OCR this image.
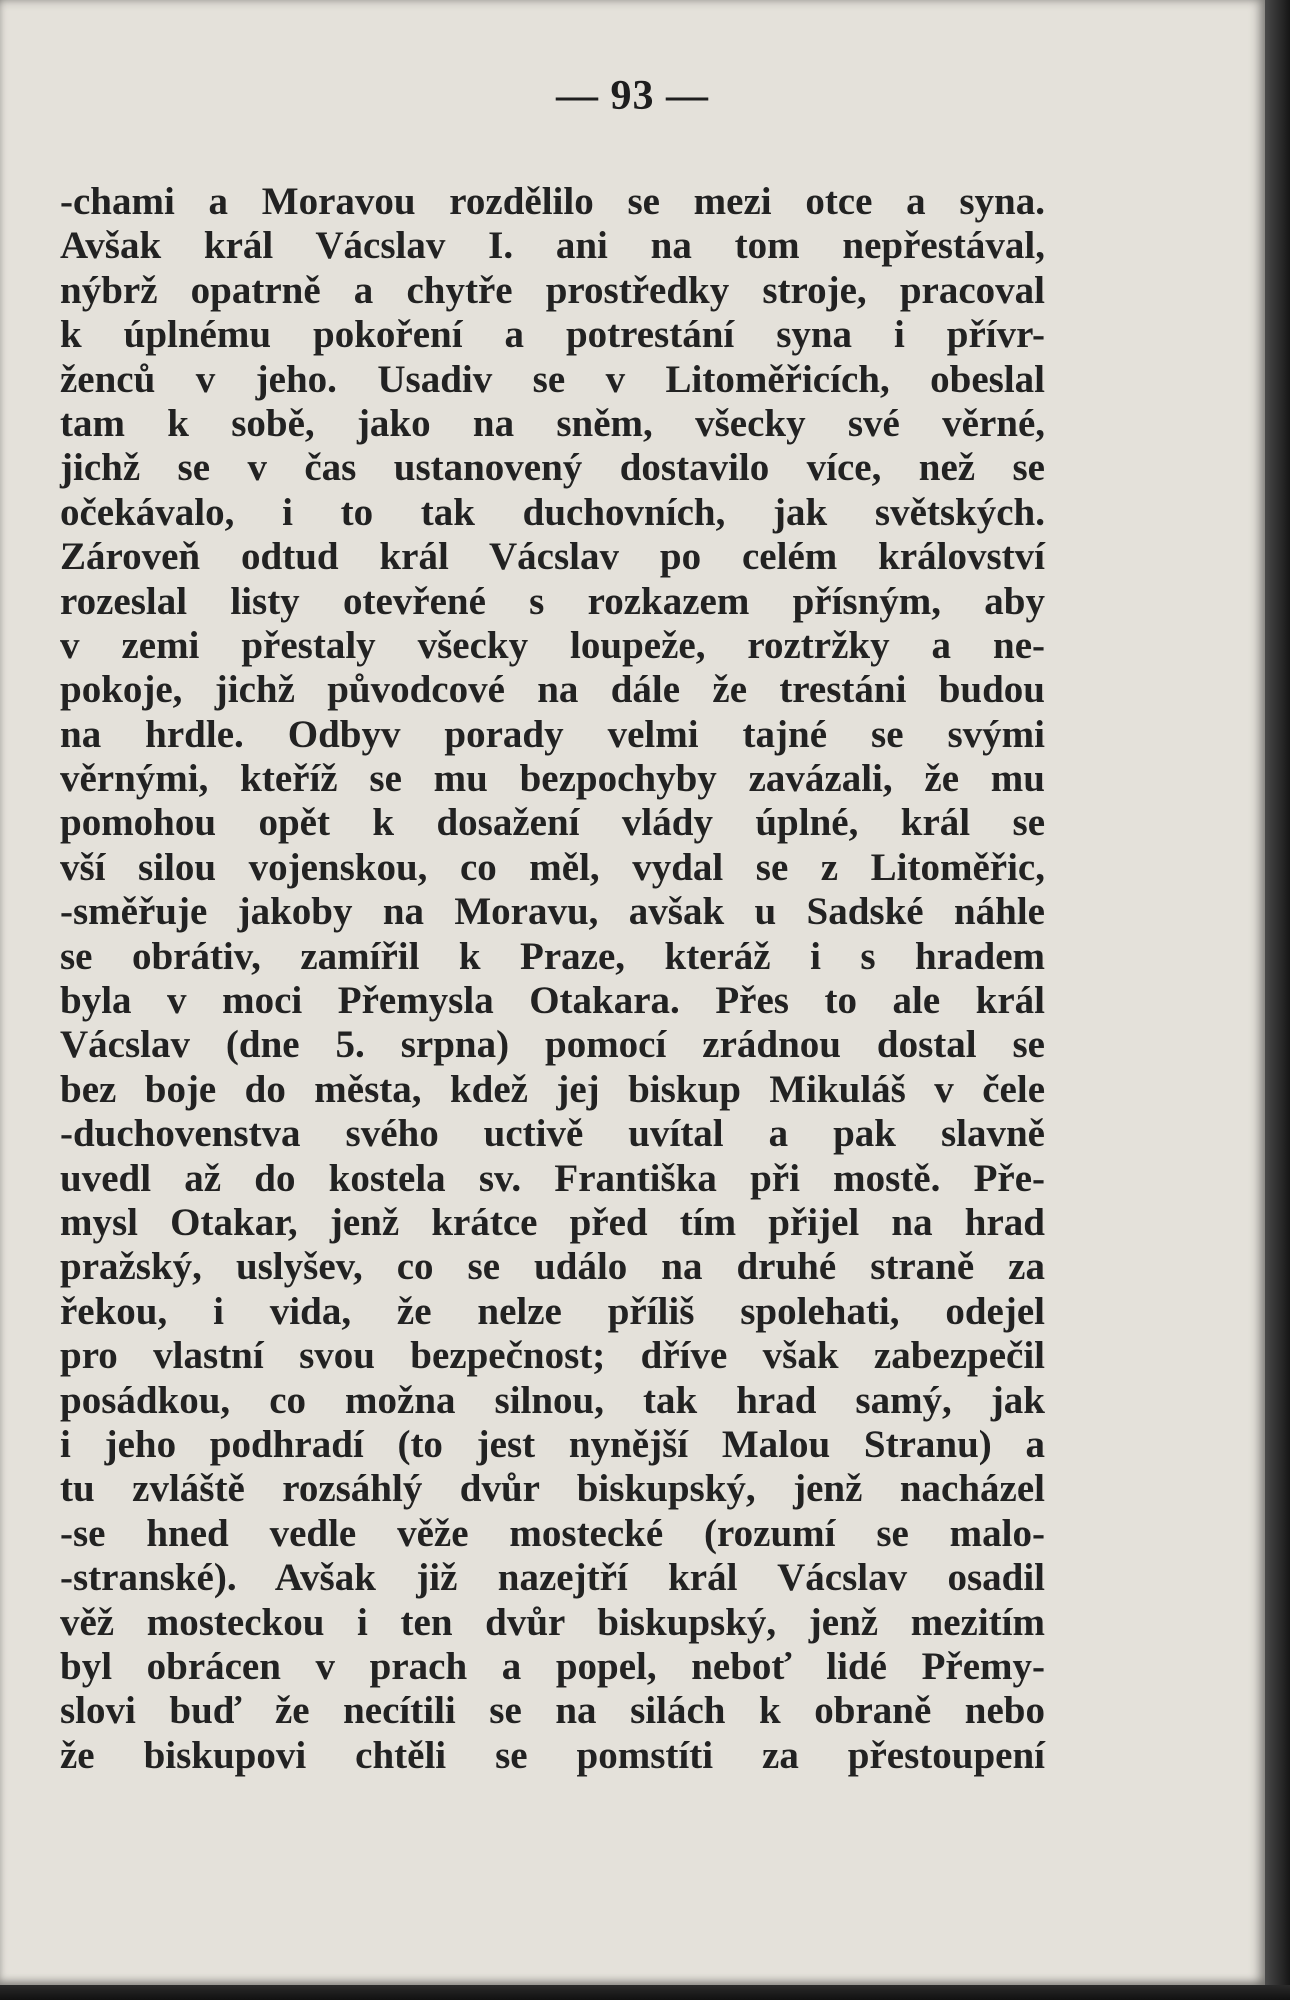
— 93 —
-chami a Moravou rozdělilo se mezi otce a syna.
Avšak král Vácslav I. ani na tom nepřestával,
nýbrž opatrně a chytře prostředky stroje, pracoval
k úplnému pokoření a potrestání syna i přívr-
ženců v jeho. Usadiv se v Litoměřicích, obeslal
tam k sobě, jako na sněm, všecky své věrné,
jichž se v čas ustanovený dostavilo více, než se
očekávalo, i to tak duchovních, jak světských.
Zároveň odtud král Vácslav po celém království
rozeslal listy otevřené s rozkazem přísným, aby
v zemi přestaly všecky loupeže, roztržky a ne-
pokoje, jichž původcové na dále že trestáni budou
na hrdle. Odbyv porady velmi tajné se svými
věrnými, kteříž se mu bezpochyby zavázali, že mu
pomohou opět k dosažení vlády úplné, král se
vší silou vojenskou, co měl, vydal se z Litoměřic,
-směřuje jakoby na Moravu, avšak u Sadské náhle
se obrátiv, zamířil k Praze, kteráž i s hradem
byla v moci Přemysla Otakara. Přes to ale král
Vácslav (dne 5. srpna) pomocí zrádnou dostal se
bez boje do města, kdež jej biskup Mikuláš v čele
-duchovenstva svého uctivě uvítal a pak slavně
uvedl až do kostela sv. Františka při mostě. Pře-
mysl Otakar, jenž krátce před tím přijel na hrad
pražský, uslyšev, co se událo na druhé straně za
řekou, i vida, že nelze příliš spolehati, odejel
pro vlastní svou bezpečnost; dříve však zabezpečil
posádkou, co možna silnou, tak hrad samý, jak
i jeho podhradí (to jest nynější Malou Stranu) a
tu zvláště rozsáhlý dvůr biskupský, jenž nacházel
-se hned vedle věže mostecké (rozumí se malo-
-stranské). Avšak již nazejtří král Vácslav osadil
věž mosteckou i ten dvůr biskupský, jenž mezitím
byl obrácen v prach a popel, neboť lidé Přemy-
slovi buď že necítili se na silách k obraně nebo
že biskupovi chtěli se pomstíti za přestoupení
